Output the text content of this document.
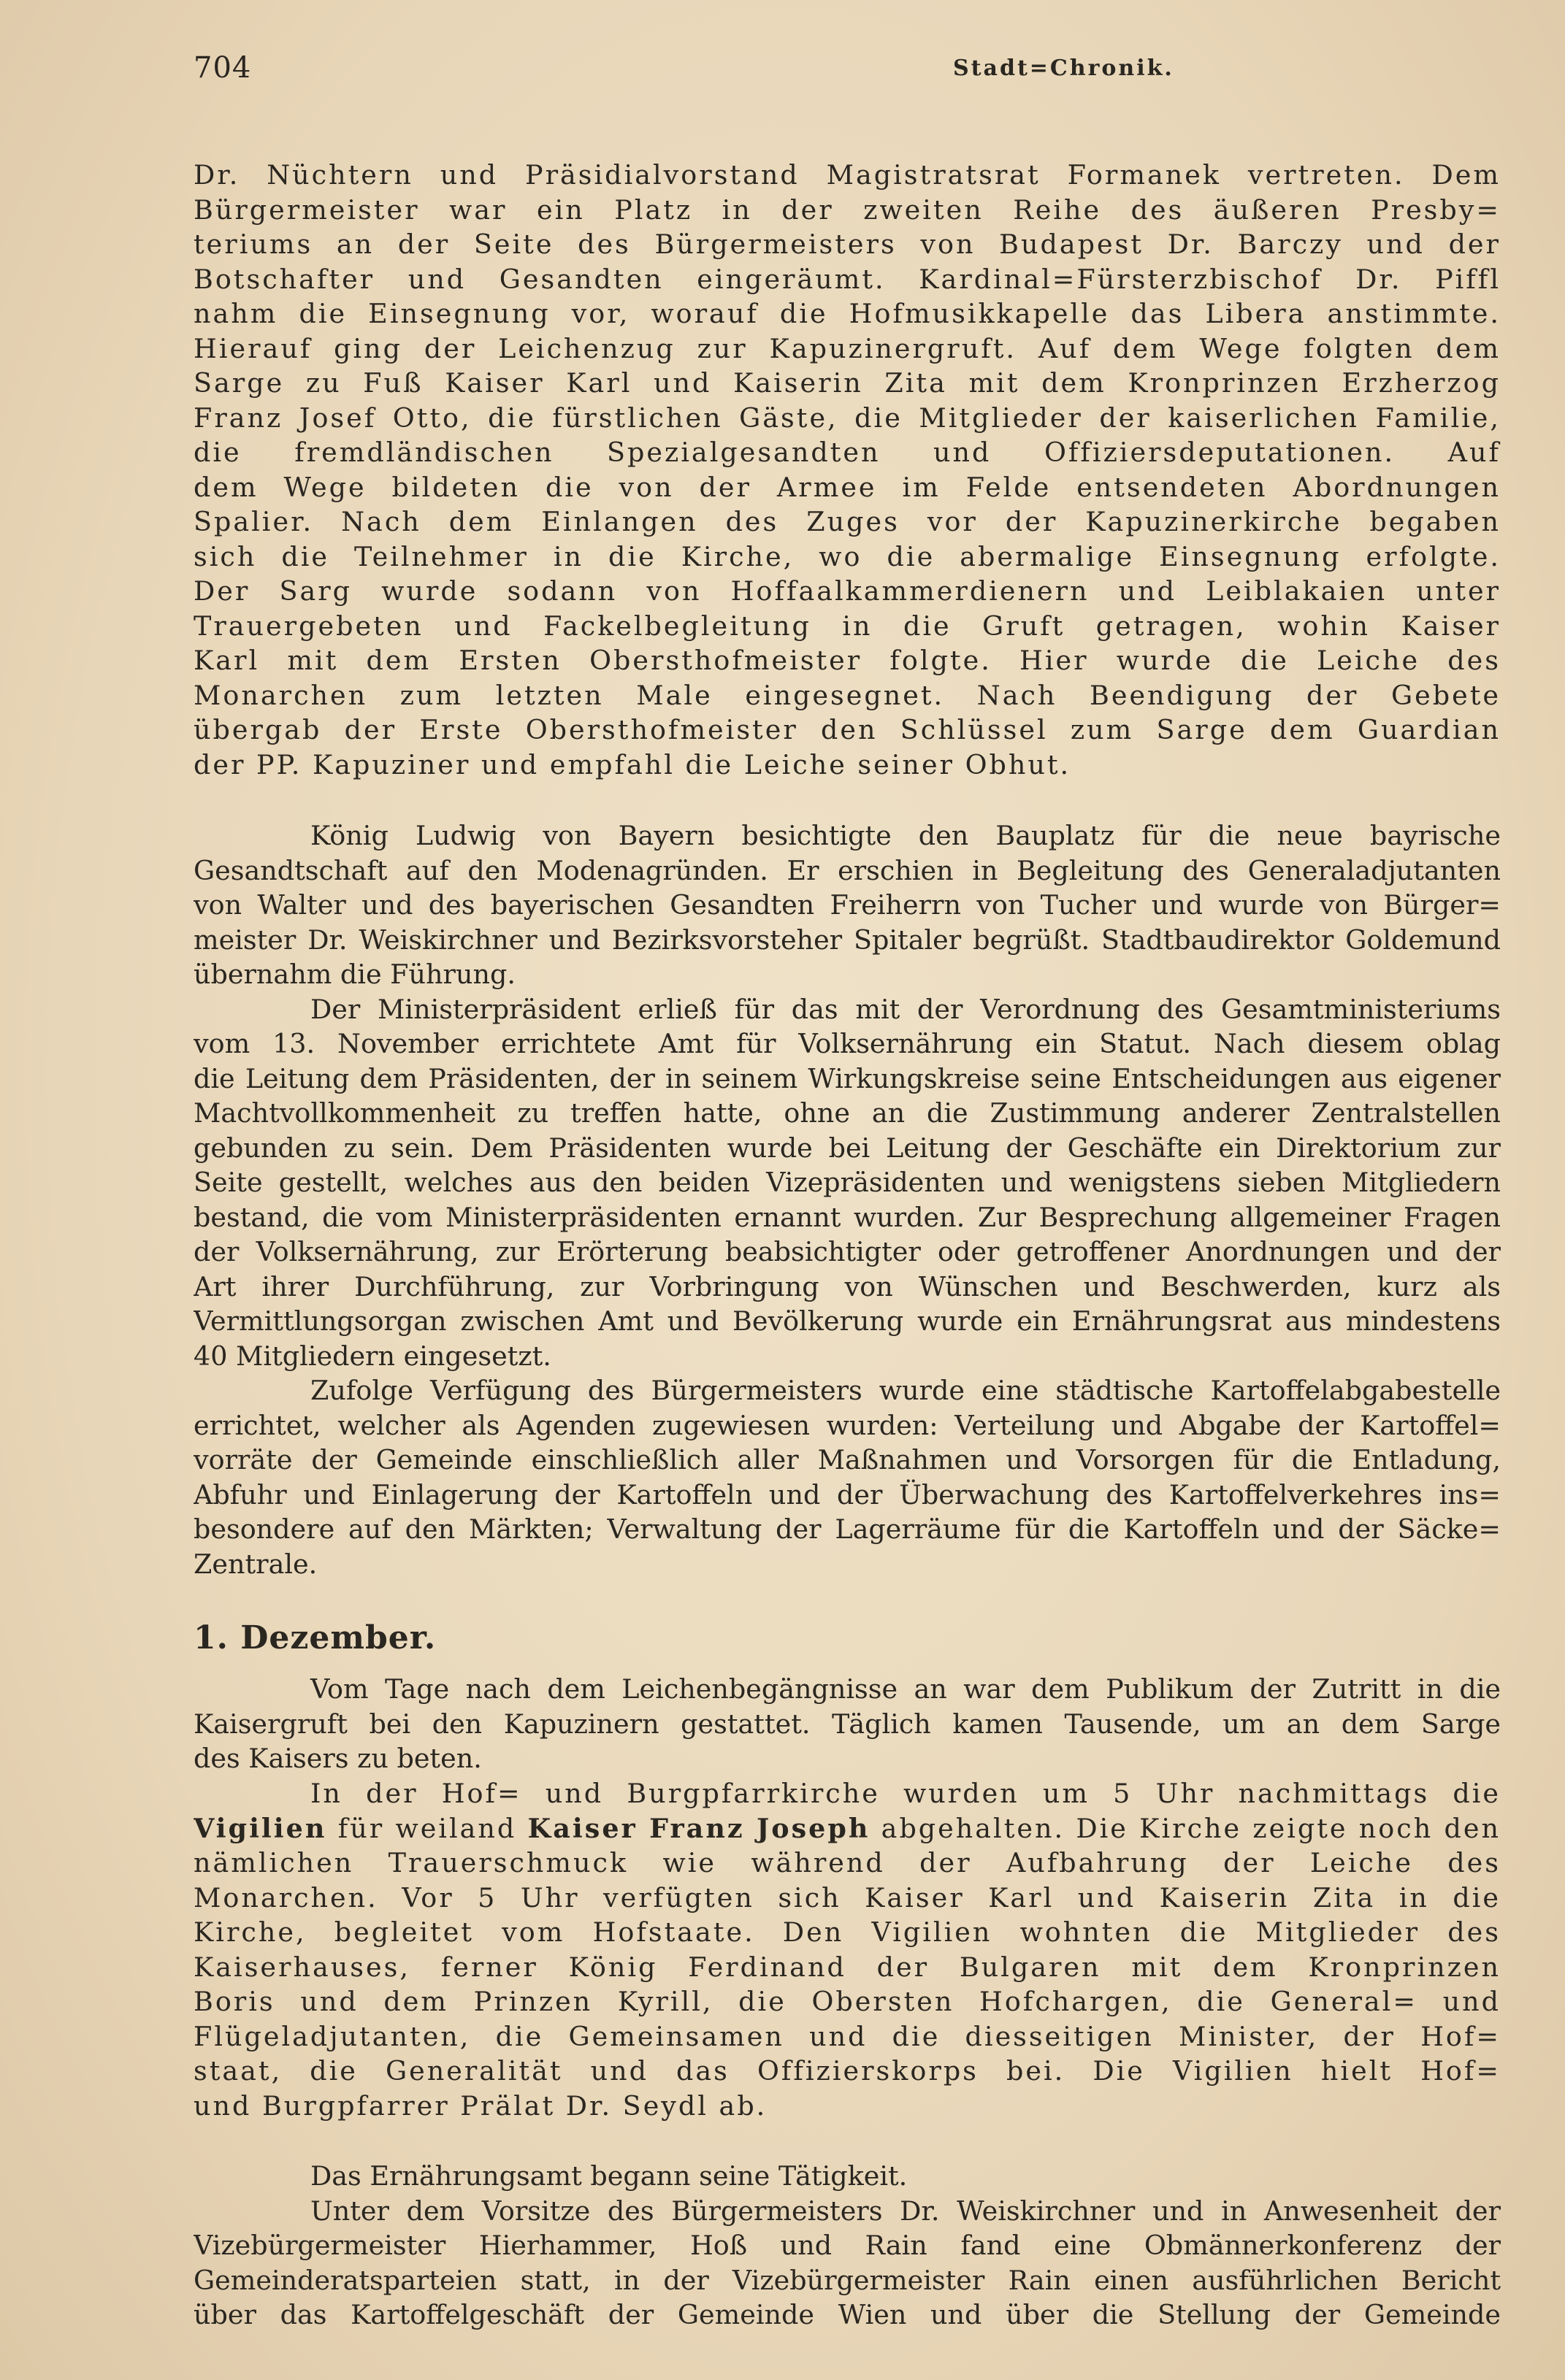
704	Stadt=Chronik.
Dr. Nüchtern und Präsidialvorstand Magistratsrat Formanek vertreten. Dem
Bürgermeister war ein Platz in der zweiten Reihe des äußeren Presby=
teriums an der Seite des Bürgermeisters von Budapest Dr. Barczy und der
Botschafter und Gesandten eingeräumt. Kardinal=Fürsterzbischof Dr. Piffl
nahm die Einsegnung vor, worauf die Hofmusikkapelle das Libera anstimmte.
Hierauf ging der Leichenzug zur Kapuzinergruft. Auf dem Wege folgten dem
Sarge zu Fuß Kaiser Karl und Kaiserin Zita mit dem Kronprinzen Erzherzog
Franz Josef Otto, die fürstlichen Gäste, die Mitglieder der kaiserlichen Familie,
die fremdländischen Spezialgesandten und Offiziersdeputationen. Auf
dem Wege bildeten die von der Armee im Felde entsendeten Abordnungen
Spalier. Nach dem Einlangen des Zuges vor der Kapuzinerkirche begaben
sich die Teilnehmer in die Kirche, wo die abermalige Einsegnung erfolgte.
Der Sarg wurde sodann von Hoffaalkammerdienern und Leiblakaien unter
Trauergebeten und Fackelbegleitung in die Gruft getragen, wohin Kaiser
Karl mit dem Ersten Obersthofmeister folgte. Hier wurde die Leiche des
Monarchen zum letzten Male eingesegnet. Nach Beendigung der Gebete
übergab der Erste Obersthofmeister den Schlüssel zum Sarge dem Guardian
der PP. Kapuziner und empfahl die Leiche seiner Obhut.
König Ludwig von Bayern besichtigte den Bauplatz für die neue bayrische
Gesandtschaft auf den Modenagründen. Er erschien in Begleitung des Generaladjutanten
von Walter und des bayerischen Gesandten Freiherrn von Tucher und wurde von Bürger=
meister Dr. Weiskirchner und Bezirksvorsteher Spitaler begrüßt. Stadtbaudirektor Goldemund
übernahm die Führung.
Der Ministerpräsident erließ für das mit der Verordnung des Gesamtministeriums
vom 13. November errichtete Amt für Volksernährung ein Statut. Nach diesem oblag
die Leitung dem Präsidenten, der in seinem Wirkungskreise seine Entscheidungen aus eigener
Machtvollkommenheit zu treffen hatte, ohne an die Zustimmung anderer Zentralstellen
gebunden zu sein. Dem Präsidenten wurde bei Leitung der Geschäfte ein Direktorium zur
Seite gestellt, welches aus den beiden Vizepräsidenten und wenigstens sieben Mitgliedern
bestand, die vom Ministerpräsidenten ernannt wurden. Zur Besprechung allgemeiner Fragen
der Volksernährung, zur Erörterung beabsichtigter oder getroffener Anordnungen und der
Art ihrer Durchführung, zur Vorbringung von Wünschen und Beschwerden, kurz als
Vermittlungsorgan zwischen Amt und Bevölkerung wurde ein Ernährungsrat aus mindestens
40 Mitgliedern eingesetzt.
Zufolge Verfügung des Bürgermeisters wurde eine städtische Kartoffelabgabestelle
errichtet, welcher als Agenden zugewiesen wurden: Verteilung und Abgabe der Kartoffel=
vorräte der Gemeinde einschließlich aller Maßnahmen und Vorsorgen für die Entladung,
Abfuhr und Einlagerung der Kartoffeln und der Überwachung des Kartoffelverkehres ins=
besondere auf den Märkten; Verwaltung der Lagerräume für die Kartoffeln und der Säcke=
Zentrale.
1. Dezember.
Vom Tage nach dem Leichenbegängnisse an war dem Publikum der Zutritt in die
Kaisergruft bei den Kapuzinern gestattet. Täglich kamen Tausende, um an dem Sarge
des Kaisers zu beten.
In der Hof= und Burgpfarrkirche wurden um 5 Uhr nachmittags die
Vigilien für weiland Kaiser Franz Joseph abgehalten. Die Kirche zeigte noch den
nämlichen Trauerschmuck wie während der Aufbahrung der Leiche des
Monarchen. Vor 5 Uhr verfügten sich Kaiser Karl und Kaiserin Zita in die
Kirche, begleitet vom Hofstaate. Den Vigilien wohnten die Mitglieder des
Kaiserhauses, ferner König Ferdinand der Bulgaren mit dem Kronprinzen
Boris und dem Prinzen Kyrill, die Obersten Hofchargen, die General= und
Flügeladjutanten, die Gemeinsamen und die diesseitigen Minister, der Hof=
staat, die Generalität und das Offizierskorps bei. Die Vigilien hielt Hof=
und Burgpfarrer Prälat Dr. Seydl ab.
Das Ernährungsamt begann seine Tätigkeit.
Unter dem Vorsitze des Bürgermeisters Dr. Weiskirchner und in Anwesenheit der
Vizebürgermeister Hierhammer, Hoß und Rain fand eine Obmännerkonferenz der
Gemeinderatsparteien statt, in der Vizebürgermeister Rain einen ausführlichen Bericht
über das Kartoffelgeschäft der Gemeinde Wien und über die Stellung der Gemeinde
